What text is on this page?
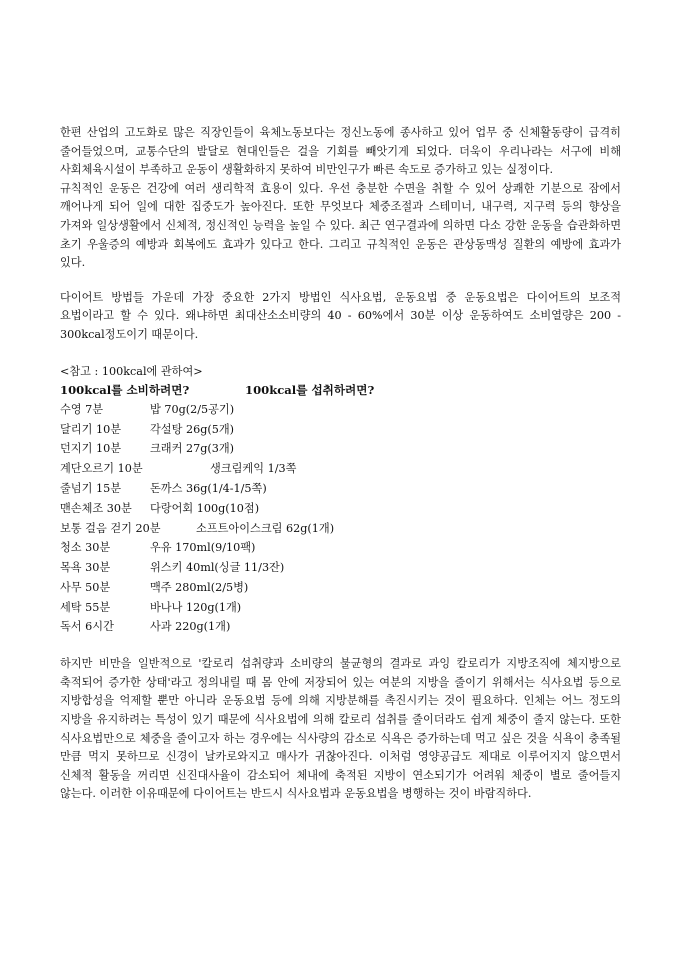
한편 산업의 고도화로 많은 직장인들이 육체노동보다는 정신노동에 종사하고 있어 업무 중 신체활동량이 급격히 줄어들었으며, 교통수단의 발달로 현대인들은 걸을 기회를 빼앗기게 되었다. 더욱이 우리나라는 서구에 비해 사회체육시설이 부족하고 운동이 생활화하지 못하여 비만인구가 빠른 속도로 증가하고 있는 실정이다.

규칙적인 운동은 건강에 여러 생리학적 효용이 있다. 우선 충분한 수면을 취할 수 있어 상쾌한 기분으로 잠에서 깨어나게 되어 일에 대한 집중도가 높아진다. 또한 무엇보다 체중조절과 스테미너, 내구력, 지구력 등의 향상을 가져와 일상생활에서 신체적, 정신적인 능력을 높일 수 있다. 최근 연구결과에 의하면 다소 강한 운동을 습관화하면 초기 우울증의 예방과 회복에도 효과가 있다고 한다. 그리고 규칙적인 운동은 관상동맥성 질환의 예방에 효과가 있다.

다이어트 방법들 가운데 가장 중요한 2가지 방법인 식사요법, 운동요법 중 운동요법은 다이어트의 보조적 요법이라고 할 수 있다. 왜냐하면 최대산소소비량의 40 - 60%에서 30분 이상 운동하여도 소비열량은 200 - 300kcal정도이기 때문이다.

<참고 : 100kcal에 관하여>

100kcal를 소비하려면?	100kcal를 섭취하려면?
수영 7분	밥 70g(2/5공기)
달리기 10분	각설탕 26g(5개)
던지기 10분	크래커 27g(3개)
계단오르기 10분	생크림케익 1/3쪽
줄넘기 15분	돈까스 36g(1/4-1/5쪽)
맨손체조 30분 다랑어회 100g(10점)
보통 걸음 걷기 20분	소프트아이스크림 62g(1개)
청소 30분	우유 170ml(9/10팩)
목욕 30분	위스키 40ml(싱글 11/3잔)
사무 50분	맥주 280ml(2/5병)
세탁 55분	바나나 120g(1개)
독서 6시간	사과 220g(1개)

하지만 비만을 일반적으로 '칼로리 섭취량과 소비량의 불균형의 결과로 과잉 칼로리가 지방조직에 체지방으로 축적되어 증가한 상태'라고 정의내릴 때 몸 안에 저장되어 있는 여분의 지방을 줄이기 위해서는 식사요법 등으로 지방합성을 억제할 뿐만 아니라 운동요법 등에 의해 지방분해를 촉진시키는 것이 필요하다. 인체는 어느 정도의 지방을 유지하려는 특성이 있기 때문에 식사요법에 의해 칼로리 섭취를 줄이더라도 쉽게 체중이 줄지 않는다. 또한 식사요법만으로 체중을 줄이고자 하는 경우에는 식사량의 감소로 식욕은 증가하는데 먹고 싶은 것을 식욕이 충족될 만큼 먹지 못하므로 신경이 날카로와지고 매사가 귀찮아진다. 이처럼 영양공급도 제대로 이루어지지 않으면서 신체적 활동을 꺼리면 신진대사율이 감소되어 체내에 축적된 지방이 연소되기가 어려워 체중이 별로 줄어들지 않는다. 이러한 이유때문에 다이어트는 반드시 식사요법과 운동요법을 병행하는 것이 바람직하다.
